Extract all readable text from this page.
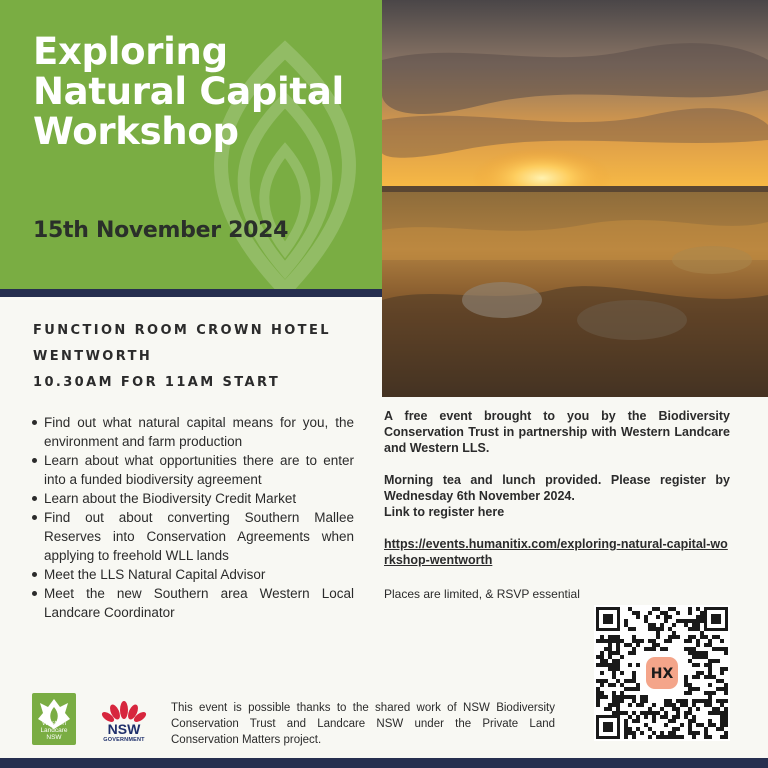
Exploring Natural Capital Workshop
15th November 2024
FUNCTION ROOM CROWN HOTEL WENTWORTH
10.30AM FOR 11AM START
Find out what natural capital means for you, the environment and farm production
Learn about what opportunities there are to enter into a funded biodiversity agreement
Learn about the Biodiversity Credit Market
Find out about converting Southern Mallee Reserves into Conservation Agreements when applying to freehold WLL lands
Meet the LLS Natural Capital Advisor
Meet the new Southern area Western Local Landcare Coordinator

A free event brought to you by the Biodiversity Conservation Trust in partnership with Western Landcare and Western LLS.

Morning tea and lunch provided. Please register by Wednesday 6th November 2024.

Link to register here

https://events.humanitix.com/exploring-natural-capital-workshop-wentworth

Places are limited, & RSVP essential

HX
Western Landcare NSW
NSW
GOVERNMENT

This event is possible thanks to the shared work of NSW Biodiversity Conservation Trust and Landcare NSW under the Private Land Conservation Matters project.
